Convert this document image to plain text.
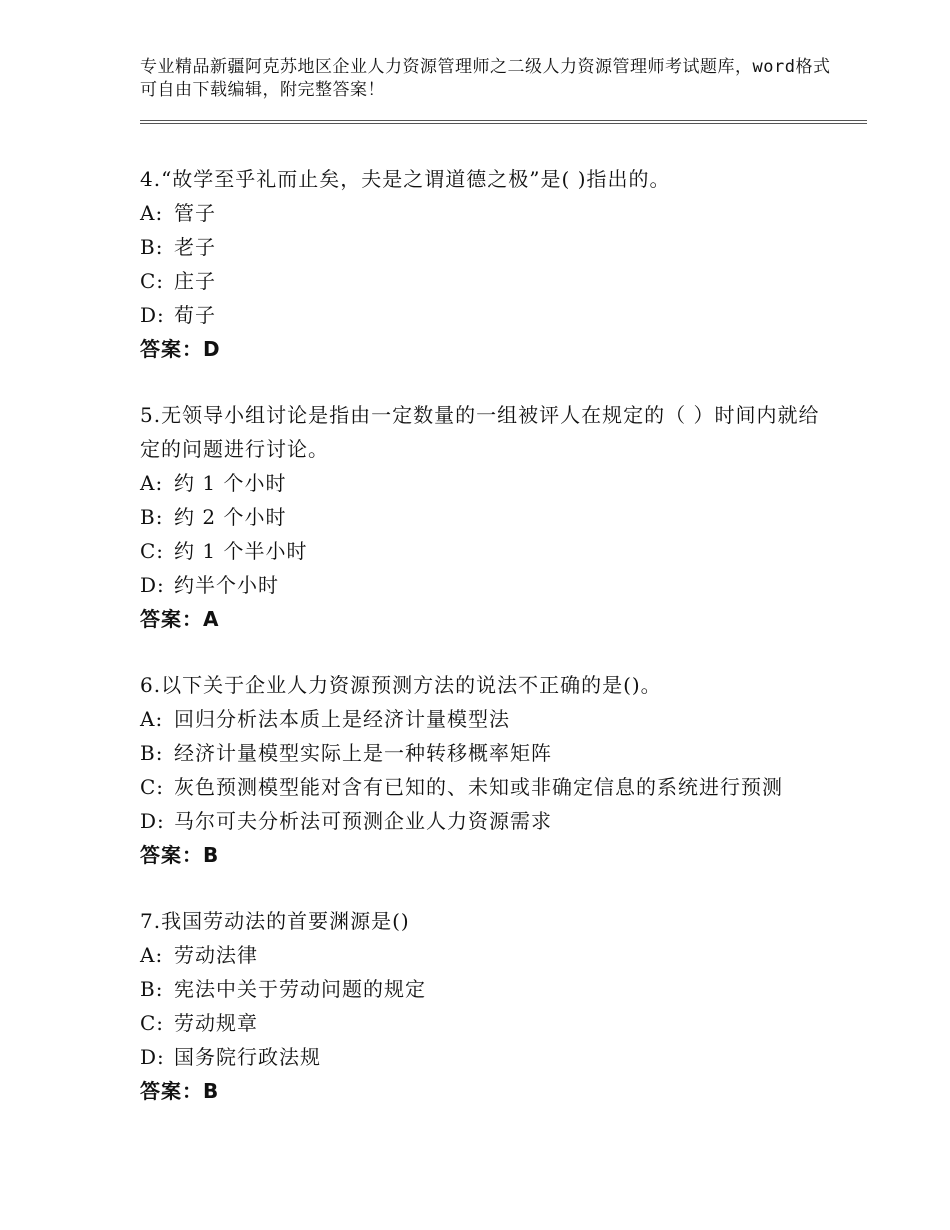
专业精品新疆阿克苏地区企业人力资源管理师之二级人力资源管理师考试题库，word格式可自由下载编辑，附完整答案！
4.“故学至乎礼而止矣，夫是之谓道德之极”是( )指出的。
A: 管子
B: 老子
C: 庄子
D: 荀子
答案：D
5.无领导小组讨论是指由一定数量的一组被评人在规定的（ ）时间内就给定的问题进行讨论。
A: 约 1 个小时
B: 约 2 个小时
C: 约 1 个半小时
D: 约半个小时
答案：A
6.以下关于企业人力资源预测方法的说法不正确的是()。
A: 回归分析法本质上是经济计量模型法
B: 经济计量模型实际上是一种转移概率矩阵
C: 灰色预测模型能对含有已知的、未知或非确定信息的系统进行预测
D: 马尔可夫分析法可预测企业人力资源需求
答案：B
7.我国劳动法的首要渊源是()
A: 劳动法律
B: 宪法中关于劳动问题的规定
C: 劳动规章
D: 国务院行政法规
答案：B
